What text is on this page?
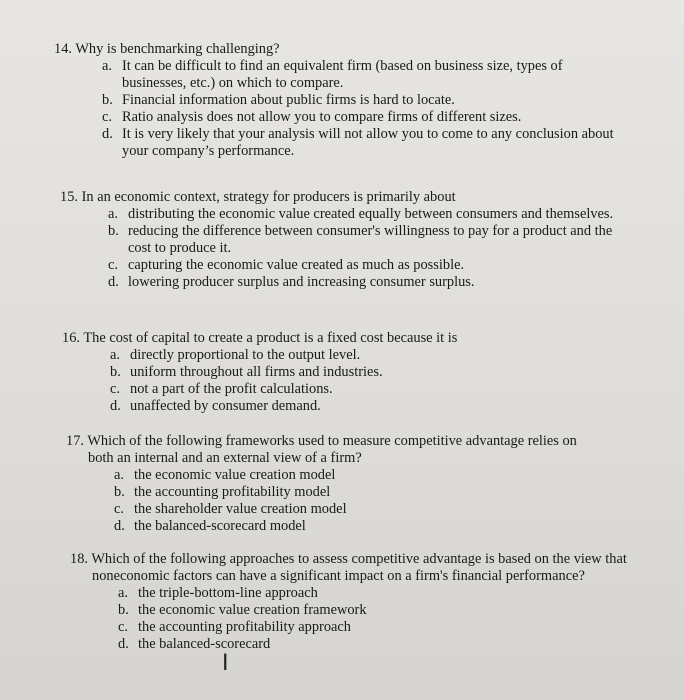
14. Why is benchmarking challenging?
a. It can be difficult to find an equivalent firm (based on business size, types of businesses, etc.) on which to compare.
b. Financial information about public firms is hard to locate.
c. Ratio analysis does not allow you to compare firms of different sizes.
d. It is very likely that your analysis will not allow you to come to any conclusion about your company’s performance.
15. In an economic context, strategy for producers is primarily about
a. distributing the economic value created equally between consumers and themselves.
b. reducing the difference between consumer's willingness to pay for a product and the cost to produce it.
c. capturing the economic value created as much as possible.
d. lowering producer surplus and increasing consumer surplus.
16. The cost of capital to create a product is a fixed cost because it is
a. directly proportional to the output level.
b. uniform throughout all firms and industries.
c. not a part of the profit calculations.
d. unaffected by consumer demand.
17. Which of the following frameworks used to measure competitive advantage relies on both an internal and an external view of a firm?
a. the economic value creation model
b. the accounting profitability model
c. the shareholder value creation model
d. the balanced-scorecard model
18. Which of the following approaches to assess competitive advantage is based on the view that noneconomic factors can have a significant impact on a firm's financial performance?
a. the triple-bottom-line approach
b. the economic value creation framework
c. the accounting profitability approach
d. the balanced-scorecard
I
